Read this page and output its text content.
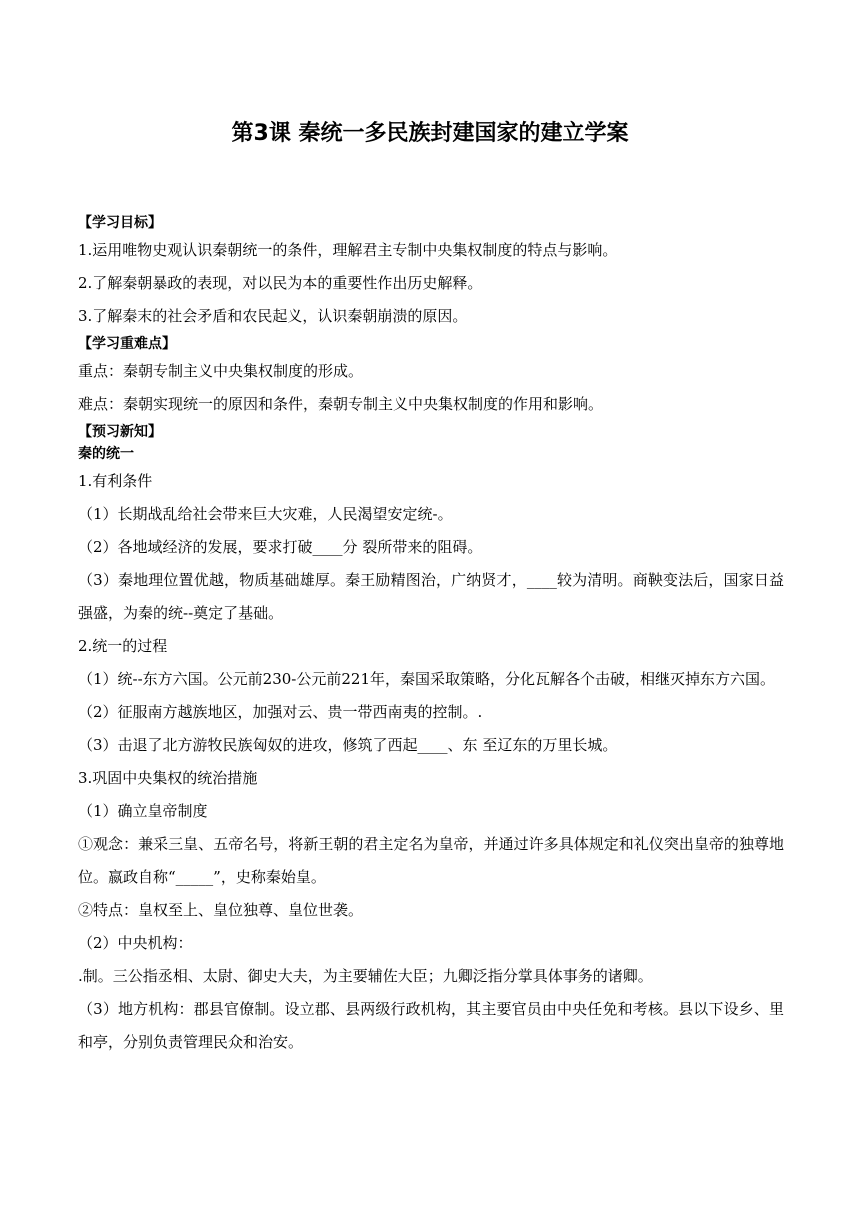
第3课 秦统一多民族封建国家的建立学案
【学习目标】
1.运用唯物史观认识秦朝统一的条件，理解君主专制中央集权制度的特点与影响。
2.了解秦朝暴政的表现，对以民为本的重要性作出历史解释。
3.了解秦末的社会矛盾和农民起义，认识秦朝崩溃的原因。
【学习重难点】
重点：秦朝专制主义中央集权制度的形成。
难点：秦朝实现统一的原因和条件，秦朝专制主义中央集权制度的作用和影响。
【预习新知】
秦的统一
1.有利条件
（1）长期战乱给社会带来巨大灾难，人民渴望安定统-。
（2）各地域经济的发展，要求打破____分 裂所带来的阻碍。
（3）秦地理位置优越，物质基础雄厚。秦王励精图治，广纳贤才，____较为清明。商鞅变法后，国家日益强盛，为秦的统--奠定了基础。
2.统一的过程
（1）统--东方六国。公元前230-公元前221年，秦国采取策略，分化瓦解各个击破，相继灭掉东方六国。
（2）征服南方越族地区，加强对云、贵一带西南夷的控制。.
（3）击退了北方游牧民族匈奴的进攻，修筑了西起____、东 至辽东的万里长城。
3.巩固中央集权的统治措施
（1）确立皇帝制度
①观念：兼采三皇、五帝名号，将新王朝的君主定名为皇帝，并通过许多具体规定和礼仪突出皇帝的独尊地位。嬴政自称“_____”，史称秦始皇。
②特点：皇权至上、皇位独尊、皇位世袭。
（2）中央机构：
.制。三公指丞相、太尉、御史大夫，为主要辅佐大臣；九卿泛指分掌具体事务的诸卿。
（3）地方机构：郡县官僚制。设立郡、县两级行政机构，其主要官员由中央任免和考核。县以下设乡、里和亭，分别负责管理民众和治安。
